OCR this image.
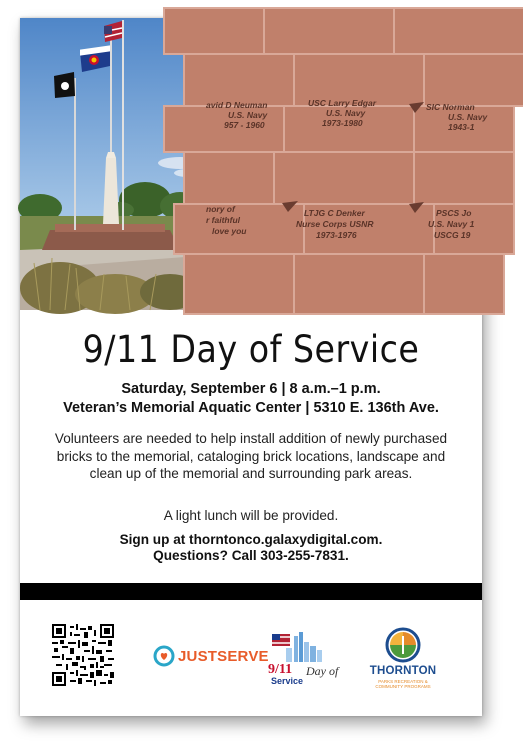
avid D Neuman
U.S. Navy
957 - 1960
USC Larry Edgar
U.S. Navy
1973-1980
SIC Norman
U.S. Navy
1943-1
nory of
r faithful
love you
LTJG C Denker
Nurse Corps USNR
1973-1976
PSCS Jo
U.S. Navy 1
USCG 19
9/11 Day of Service
Saturday, September 6 | 8 a.m.–1 p.m.
Veteran’s Memorial Aquatic Center | 5310 E. 136th Ave.
Volunteers are needed to help install addition of newly purchased bricks to the memorial, cataloging brick locations, landscape and clean up of the memorial and surrounding park areas.
A light lunch will be provided.
Sign up at thorntonco.galaxydigital.com.
Questions? Call 303-255-7831.
JUSTSERVE
9/11 Day of
Service
THORNTON
PARKS RECREATION & COMMUNITY PROGRAMS
